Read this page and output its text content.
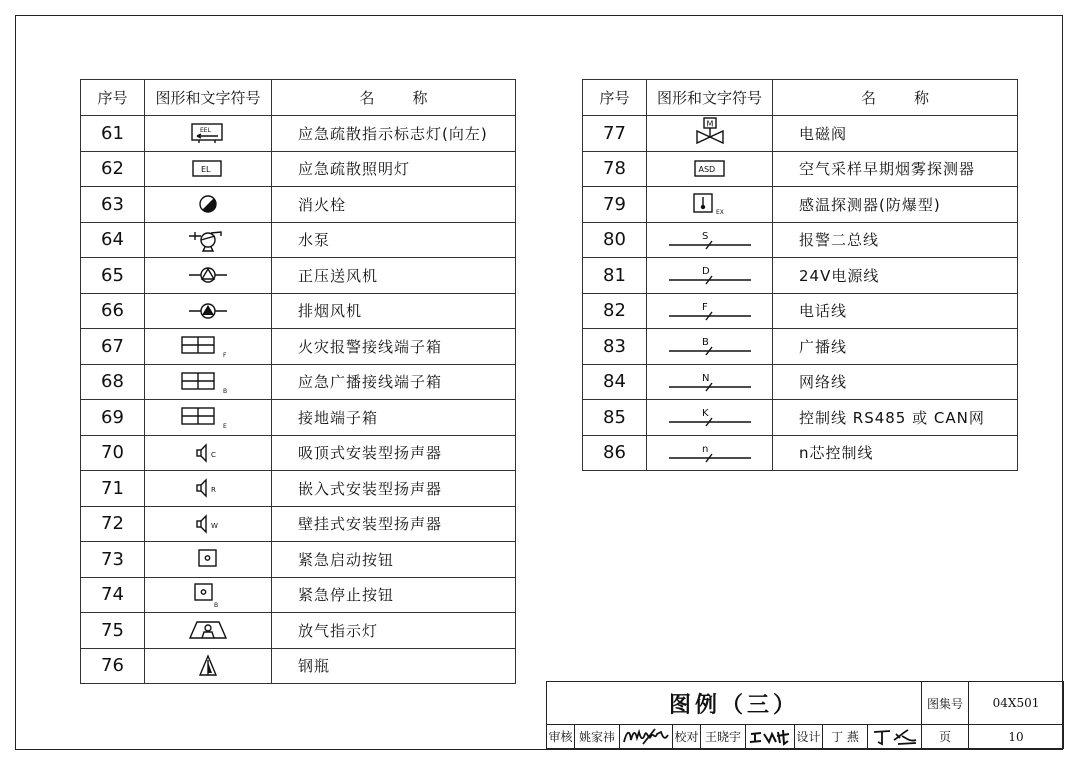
序号	图形和文字符号	名 称
61	EEL	应急疏散指示标志灯(向左)
62	EL	应急疏散照明灯
63		消火栓
64		水泵
65		正压送风机
66		排烟风机
67	F	火灾报警接线端子箱
68	B	应急广播接线端子箱
69	E	接地端子箱
70	C	吸顶式安装型扬声器
71	R	嵌入式安装型扬声器
72	W	壁挂式安装型扬声器
73		紧急启动按钮
74	B	紧急停止按钮
75		放气指示灯
76		钢瓶
序号	图形和文字符号	名 称
77	M	电磁阀
78	ASD	空气采样早期烟雾探测器
79	EX	感温探测器(防爆型)
80	S	报警二总线
81	D	24V电源线
82	F	电话线
83	B	广播线
84	N	网络线
85	K	控制线 RS485 或 CAN网
86	n	n芯控制线
图例（三）	图集号	04X501
审核 姚家祎	校对 王晓宇	设计 丁 燕	页	10
